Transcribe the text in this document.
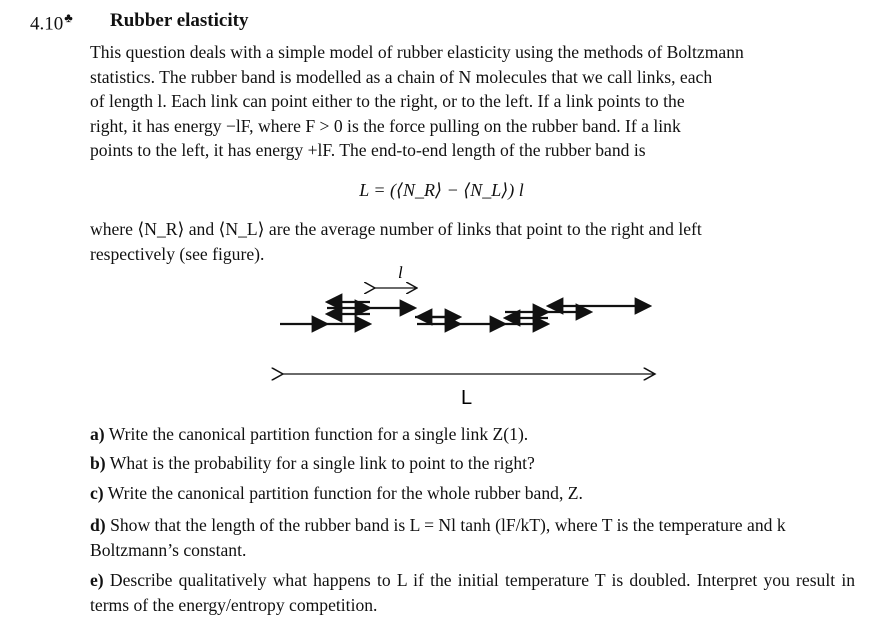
4.10♣ Rubber elasticity
This question deals with a simple model of rubber elasticity using the methods of Boltzmann
statistics. The rubber band is modelled as a chain of N molecules that we call links, each
of length l. Each link can point either to the right, or to the left. If a link points to the
right, it has energy −lF, where F > 0 is the force pulling on the rubber band. If a link
points to the left, it has energy +lF. The end-to-end length of the rubber band is
L = (⟨N_R⟩ − ⟨N_L⟩) l
where ⟨N_R⟩ and ⟨N_L⟩ are the average number of links that point to the right and left
respectively (see figure).
l
L
a) Write the canonical partition function for a single link Z(1).
b) What is the probability for a single link to point to the right?
c) Write the canonical partition function for the whole rubber band, Z.
d) Show that the length of the rubber band is L = Nl tanh (lF/kT), where T is the temperature and k Boltzmann’s constant.
e) Describe qualitatively what happens to L if the initial temperature T is doubled. Interpret you result in terms of the energy/entropy competition.
